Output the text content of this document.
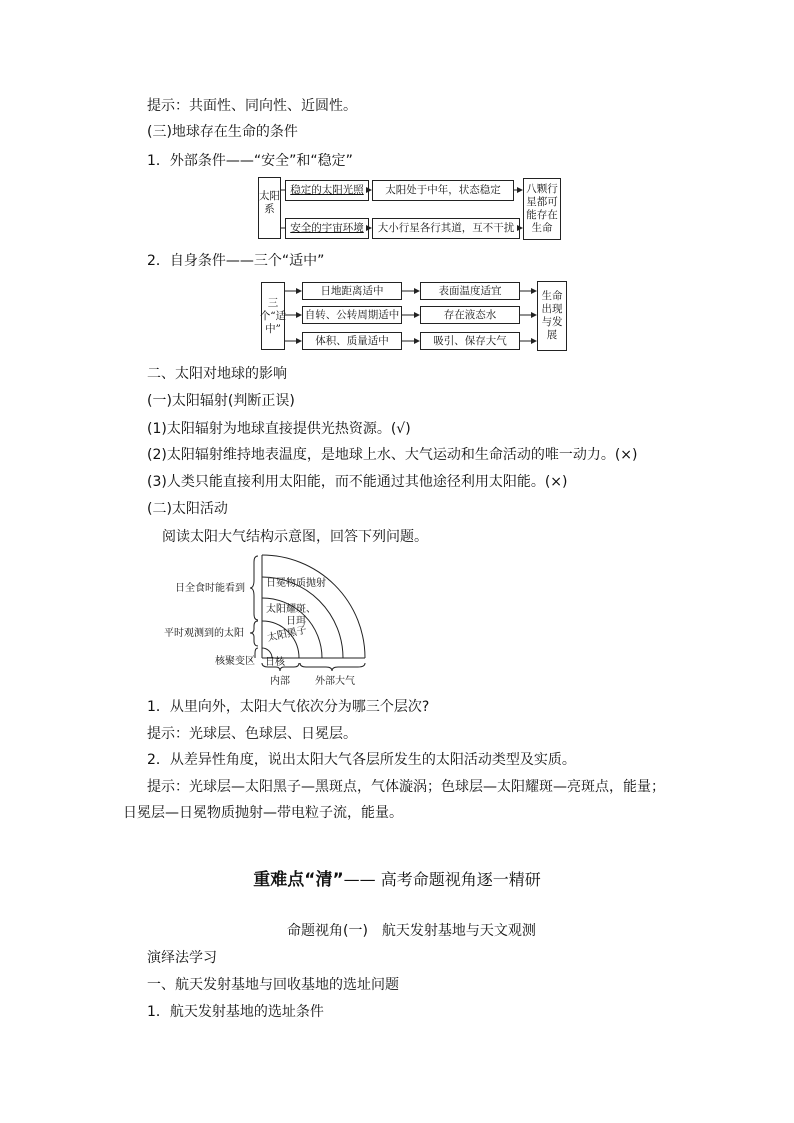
提示：共面性、同向性、近圆性。
(三)地球存在生命的条件
1．外部条件——“安全”和“稳定”
太阳系
稳定的太阳光照	太阳处于中年，状态稳定
安全的宇宙环境	大小行星各行其道，互不干扰
八颗行星都可能存在生命
2．自身条件——三个“适中”
三个“适中”
日地距离适中
自转、公转周期适中
体积、质量适中
表面温度适宜
存在液态水
吸引、保存大气
生命出现与发展
日全食时能看到
平时观测到的太阳
核聚变区
日冕物质抛射
太阳耀斑、
日珥
太阳黑子
日核
内部	外部大气
二、太阳对地球的影响
(一)太阳辐射(判断正误)
(1)太阳辐射为地球直接提供光热资源。(√)
(2)太阳辐射维持地表温度，是地球上水、大气运动和生命活动的唯一动力。(×)
(3)人类只能直接利用太阳能，而不能通过其他途径利用太阳能。(×)
(二)太阳活动
阅读太阳大气结构示意图，回答下列问题。
1．从里向外，太阳大气依次分为哪三个层次?
提示：光球层、色球层、日冕层。
2．从差异性角度，说出太阳大气各层所发生的太阳活动类型及实质。
提示：光球层—太阳黑子—黑斑点，气体漩涡；色球层—太阳耀斑—亮斑点，能量；日冕层—日冕物质抛射—带电粒子流，能量。
重难点“清”—— 高考命题视角逐一精研
命题视角(一)　航天发射基地与天文观测
演绎法学习
一、航天发射基地与回收基地的选址问题
1．航天发射基地的选址条件
